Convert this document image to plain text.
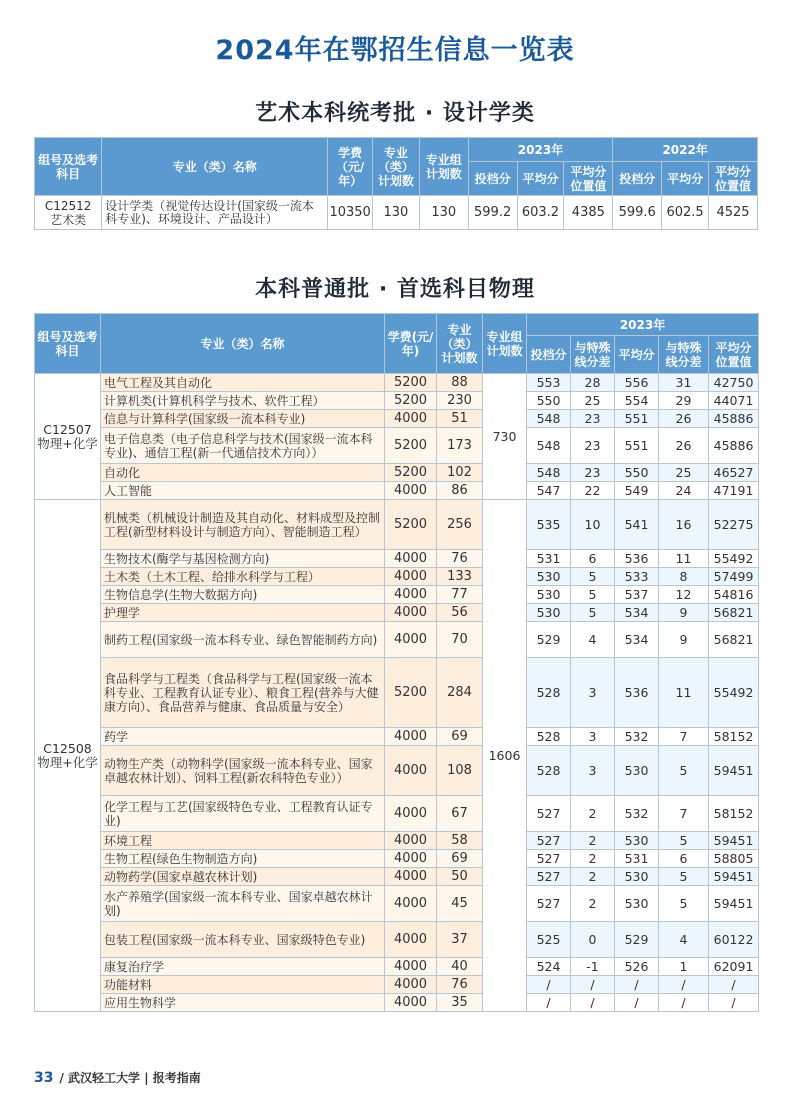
2024年在鄂招生信息一览表
艺术本科统考批 · 设计学类
组号及选考科目	专业（类）名称	学费（元/年）	专业（类）计划数	专业组计划数	2023年			2022年		
					投档分	平均分	平均分位置值	投档分	平均分	平均分位置值
C12512
艺术类	设计学类（视觉传达设计(国家级一流本科专业)、环境设计、产品设计）	10350	130	130	599.2	603.2	4385	599.6	602.5	4525
本科普通批 · 首选科目物理
组号及选考科目	专业（类）名称	学费(元/年)	专业（类）计划数	专业组计划数	2023年				
					投档分	与特殊线分差	平均分	与特殊线分差	平均分位置值
C12507
物理+化学	电气工程及其自动化	5200	88	730	553	28	556	31	42750
	计算机类(计算机科学与技术、软件工程）	5200	230		550	25	554	29	44071
	信息与计算科学(国家级一流本科专业)	4000	51		548	23	551	26	45886
	电子信息类（电子信息科学与技术(国家级一流本科专业)、通信工程(新一代通信技术方向））	5200	173		548	23	551	26	45886
	自动化	5200	102		548	23	550	25	46527
	人工智能	4000	86		547	22	549	24	47191
C12508
物理+化学	机械类（机械设计制造及其自动化、材料成型及控制工程(新型材料设计与制造方向）、智能制造工程）	5200	256	1606	535	10	541	16	52275
	生物技术(酶学与基因检测方向)	4000	76		531	6	536	11	55492
	土木类（土木工程、给排水科学与工程）	4000	133		530	5	533	8	57499
	生物信息学(生物大数据方向)	4000	77		530	5	537	12	54816
	护理学	4000	56		530	5	534	9	56821
	制药工程(国家级一流本科专业、绿色智能制药方向)	4000	70		529	4	534	9	56821
	食品科学与工程类（食品科学与工程(国家级一流本科专业、工程教育认证专业）、粮食工程(营养与大健康方向）、食品营养与健康、食品质量与安全）	5200	284		528	3	536	11	55492
	药学	4000	69		528	3	532	7	58152
	动物生产类（动物科学(国家级一流本科专业、国家卓越农林计划）、饲料工程(新农科特色专业））	4000	108		528	3	530	5	59451
	化学工程与工艺(国家级特色专业、工程教育认证专业)	4000	67		527	2	532	7	58152
	环境工程	4000	58		527	2	530	5	59451
	生物工程(绿色生物制造方向)	4000	69		527	2	531	6	58805
	动物药学(国家卓越农林计划)	4000	50		527	2	530	5	59451
	水产养殖学(国家级一流本科专业、国家卓越农林计划)	4000	45		527	2	530	5	59451
	包装工程(国家级一流本科专业、国家级特色专业)	4000	37		525	0	529	4	60122
	康复治疗学	4000	40		524	-1	526	1	62091
	功能材料	4000	76		/	/	/	/	/
	应用生物科学	4000	35		/	/	/	/	/
33 / 武汉轻工大学 | 报考指南
